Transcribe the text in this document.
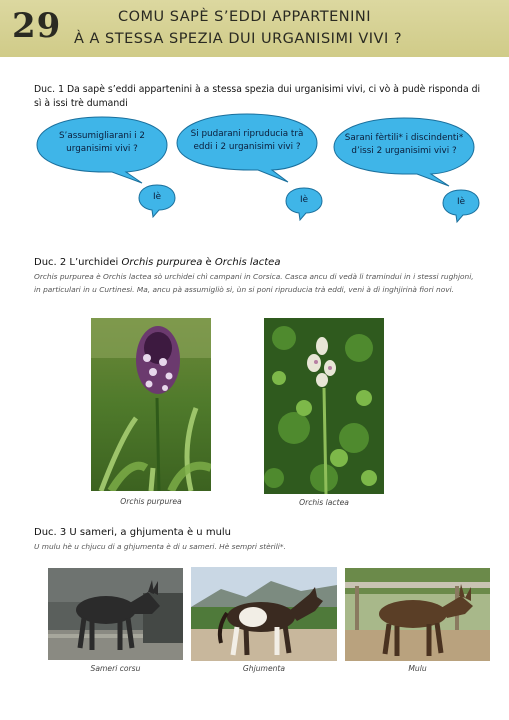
29	COMU SAPÈ S’EDDI APPARTENINI
À A STESSA SPEZIA DUI URGANISIMI VIVI ?
Duc. 1 Da sapè s’eddi appartenini à a stessa spezia dui urganisimi vivi, ci vò à pudè risponda di sì à issi trè dumandi
S’assumigliarani i 2
urganisimi vivi ?
Iè
Si pudarani ripruducia trà
eddi i 2 urganisimi vivi ?
Iè
Sarani fèrtili* i discindenti*
d’issi 2 urganisimi vivi ?
Iè
Duc. 2 L’urchidei Orchis purpurea è Orchis lactea
Orchis purpurea è Orchis lactea sò urchidei chì campani in Corsica. Casca ancu di vedà li tramindui in i stessi rughjoni,
in particulari in u Curtinesi. Ma, ancu pà assumigliò si, ùn si poni ripruducia trà eddi, veni à dì inghjirinà fiori novi.
Orchis purpurea	Orchis lactea
Duc. 3 U sameri, a ghjumenta è u mulu
U mulu hè u chjucu di a ghjumenta è di u sameri. Hè sempri stèrili*.
Sameri corsu	Ghjumenta	Mulu
